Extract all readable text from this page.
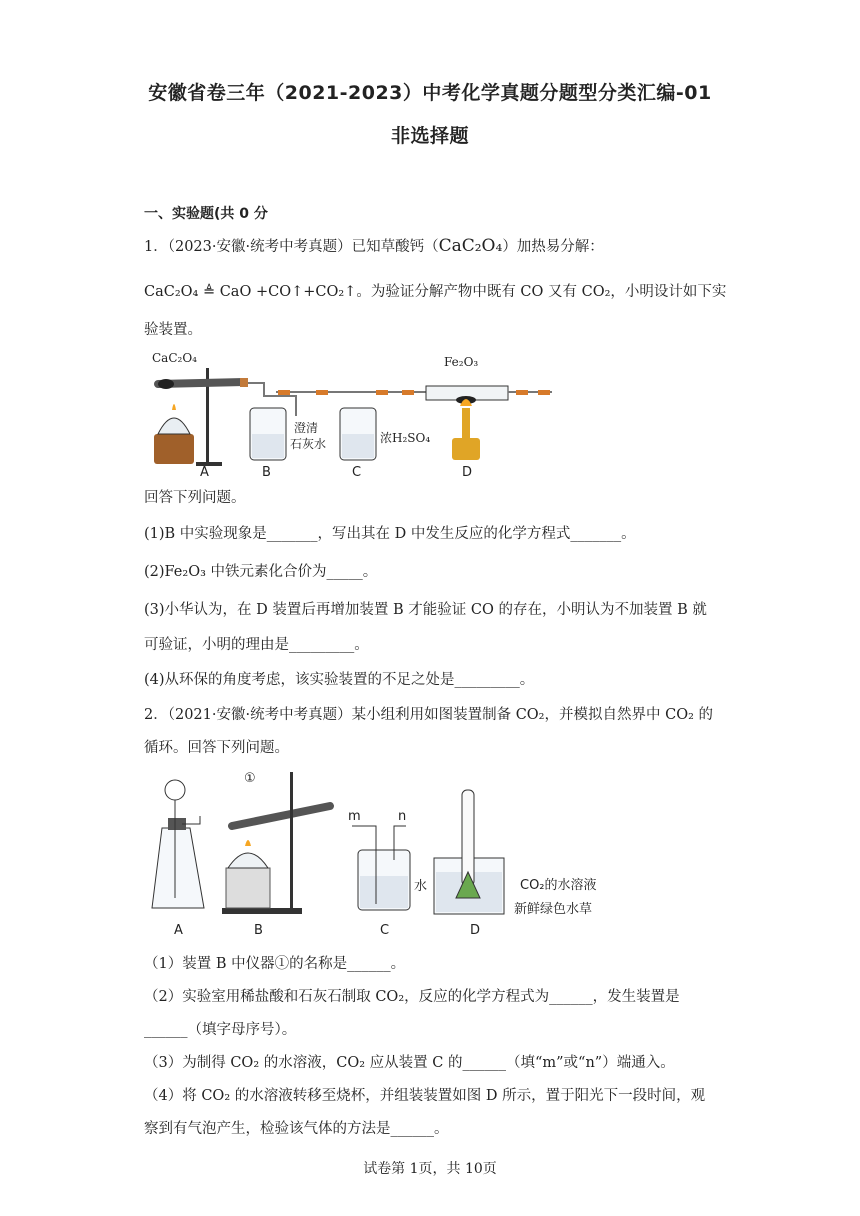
安徽省卷三年（2021-2023）中考化学真题分题型分类汇编-01
非选择题
一、实验题(共 0 分
1．（2023·安徽·统考中考真题）已知草酸钙（CaC₂O₄）加热易分解：
CaC₂O₄ ≜ CaO +CO↑+CO₂↑。为验证分解产物中既有 CO 又有 CO₂，小明设计如下实
验装置。
CaC₂O₄
澄清
石灰水	浓H₂SO₄
Fe₂O₃
A	B	C	D
回答下列问题。
(1)B 中实验现象是_______，写出其在 D 中发生反应的化学方程式_______。
(2)Fe₂O₃ 中铁元素化合价为_____。
(3)小华认为，在 D 装置后再增加装置 B 才能验证 CO 的存在，小明认为不加装置 B 就
可验证，小明的理由是_________。
(4)从环保的角度考虑，该实验装置的不足之处是_________。
2．（2021·安徽·统考中考真题）某小组利用如图装置制备 CO₂，并模拟自然界中 CO₂ 的
循环。回答下列问题。
①
m	n
水	CO₂的水溶液
新鲜绿色水草
A	B	C	D
（1）装置 B 中仪器①的名称是______。
（2）实验室用稀盐酸和石灰石制取 CO₂，反应的化学方程式为______，发生装置是
______（填字母序号）。
（3）为制得 CO₂ 的水溶液，CO₂ 应从装置 C 的______（填“m”或“n”）端通入。
（4）将 CO₂ 的水溶液转移至烧杯，并组装装置如图 D 所示，置于阳光下一段时间，观
察到有气泡产生，检验该气体的方法是______。
试卷第 1页，共 10页
